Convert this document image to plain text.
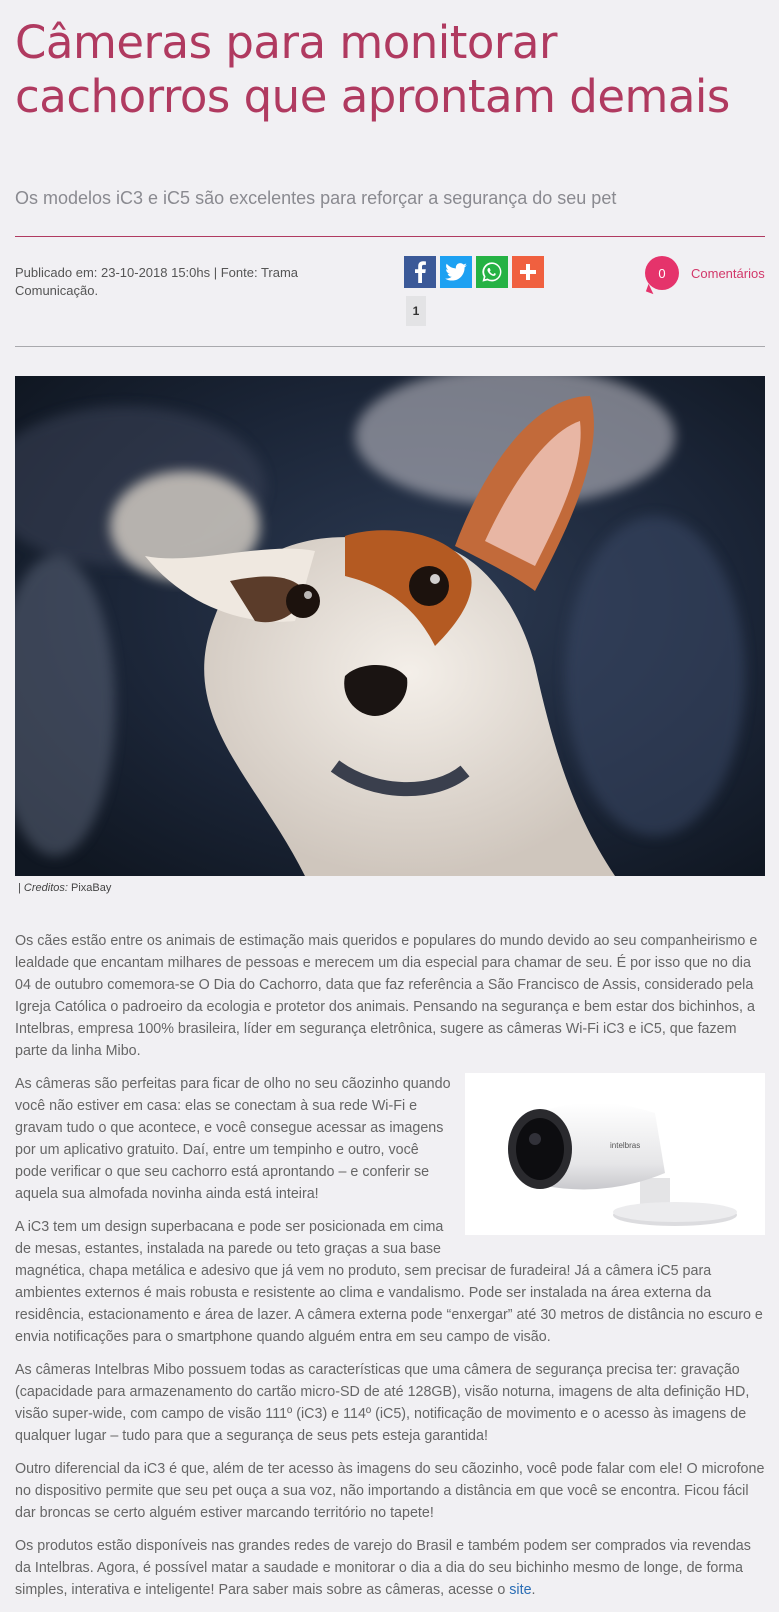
Câmeras para monitorar cachorros que aprontam demais

Os modelos iC3 e iC5 são excelentes para reforçar a segurança do seu pet

Publicado em: 23-10-2018 15:0hs | Fonte: Trama Comunicação.
1
0 Comentários
| Creditos: PixaBay

Os cães estão entre os animais de estimação mais queridos e populares do mundo devido ao seu companheirismo e lealdade que encantam milhares de pessoas e merecem um dia especial para chamar de seu. É por isso que no dia 04 de outubro comemora-se O Dia do Cachorro, data que faz referência a São Francisco de Assis, considerado pela Igreja Católica o padroeiro da ecologia e protetor dos animais. Pensando na segurança e bem estar dos bichinhos, a Intelbras, empresa 100% brasileira, líder em segurança eletrônica, sugere as câmeras Wi-Fi iC3 e iC5, que fazem parte da linha Mibo.

intelbras

As câmeras são perfeitas para ficar de olho no seu cãozinho quando você não estiver em casa: elas se conectam à sua rede Wi-Fi e gravam tudo o que acontece, e você consegue acessar as imagens por um aplicativo gratuito. Daí, entre um tempinho e outro, você pode verificar o que seu cachorro está aprontando – e conferir se aquela sua almofada novinha ainda está inteira!

A iC3 tem um design superbacana e pode ser posicionada em cima de mesas, estantes, instalada na parede ou teto graças a sua base magnética, chapa metálica e adesivo que já vem no produto, sem precisar de furadeira! Já a câmera iC5 para ambientes externos é mais robusta e resistente ao clima e vandalismo. Pode ser instalada na área externa da residência, estacionamento e área de lazer. A câmera externa pode “enxergar” até 30 metros de distância no escuro e envia notificações para o smartphone quando alguém entra em seu campo de visão.

As câmeras Intelbras Mibo possuem todas as características que uma câmera de segurança precisa ter: gravação (capacidade para armazenamento do cartão micro-SD de até 128GB), visão noturna, imagens de alta definição HD, visão super-wide, com campo de visão 111º (iC3) e 114º (iC5), notificação de movimento e o acesso às imagens de qualquer lugar – tudo para que a segurança de seus pets esteja garantida!

Outro diferencial da iC3 é que, além de ter acesso às imagens do seu cãozinho, você pode falar com ele! O microfone no dispositivo permite que seu pet ouça a sua voz, não importando a distância em que você se encontra. Ficou fácil dar broncas se certo alguém estiver marcando território no tapete!

Os produtos estão disponíveis nas grandes redes de varejo do Brasil e também podem ser comprados via revendas da Intelbras. Agora, é possível matar a saudade e monitorar o dia a dia do seu bichinho mesmo de longe, de forma simples, interativa e inteligente! Para saber mais sobre as câmeras, acesse o site.
